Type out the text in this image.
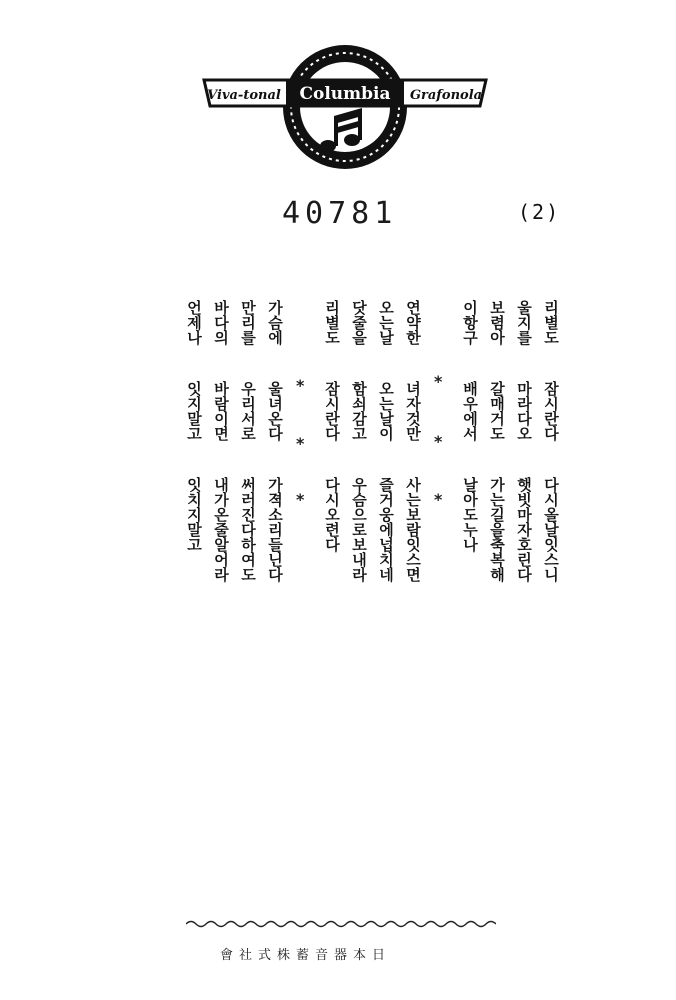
Viva-tonal Columbia Grafonola
40781	(2)
리별도  잠시란다  다시올날잇스니
울지를  마라다오  햇빗마자호린다
보렴아  갈매거도  가는길을축복해
이항구  배우에서  날아도누나
*
*
*
연약한  녀자것만  사는보람잇스면
오는날  오는날이  즐거웅에넙치네
닷줄을  함쇠감고  우슴으로보내라
리별도  잠시란다  다시오련다
*
*
*
가슴에  울녀온다  가젹소리들닌다
만리를  우리서로  써러진다하여도
바다의  바람이면  내가온줄알어라
언제나  잇지말고  잇치지말고
會社式株蓄音器本日
